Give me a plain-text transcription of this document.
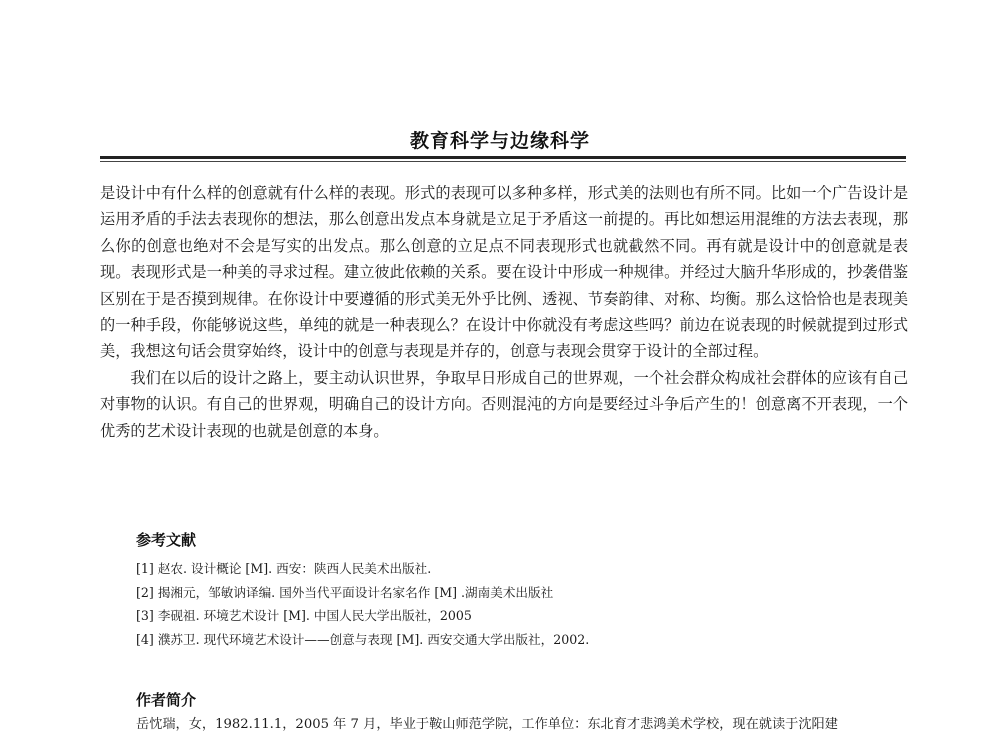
教育科学与边缘科学

是设计中有什么样的创意就有什么样的表现。形式的表现可以多种多样，形式美的法则也有所不同。比如一个广告设计是运用矛盾的手法去表现你的想法，那么创意出发点本身就是立足于矛盾这一前提的。再比如想运用混维的方法去表现，那么你的创意也绝对不会是写实的出发点。那么创意的立足点不同表现形式也就截然不同。再有就是设计中的创意就是表现。表现形式是一种美的寻求过程。建立彼此依赖的关系。要在设计中形成一种规律。并经过大脑升华形成的，抄袭借鉴区别在于是否摸到规律。在你设计中要遵循的形式美无外乎比例、透视、节奏韵律、对称、均衡。那么这恰恰也是表现美的一种手段，你能够说这些，单纯的就是一种表现么？在设计中你就没有考虑这些吗？前边在说表现的时候就提到过形式美，我想这句话会贯穿始终，设计中的创意与表现是并存的，创意与表现会贯穿于设计的全部过程。

我们在以后的设计之路上，要主动认识世界，争取早日形成自己的世界观，一个社会群众构成社会群体的应该有自己对事物的认识。有自己的世界观，明确自己的设计方向。否则混沌的方向是要经过斗争后产生的！创意离不开表现，一个优秀的艺术设计表现的也就是创意的本身。

参考文献
[1] 赵农. 设计概论 [M]. 西安：陕西人民美术出版社.
[2] 揭湘元，邹敏讷译编. 国外当代平面设计名家名作 [M] .湖南美术出版社
[3] 李砚祖. 环境艺术设计 [M]. 中国人民大学出版社，2005
[4] 濮苏卫. 现代环境艺术设计——创意与表现 [M]. 西安交通大学出版社，2002.
作者简介
岳忱瑞，女，1982.11.1，2005 年 7 月，毕业于鞍山师范学院，工作单位：东北育才悲鸿美术学校，现在就读于沈阳建
